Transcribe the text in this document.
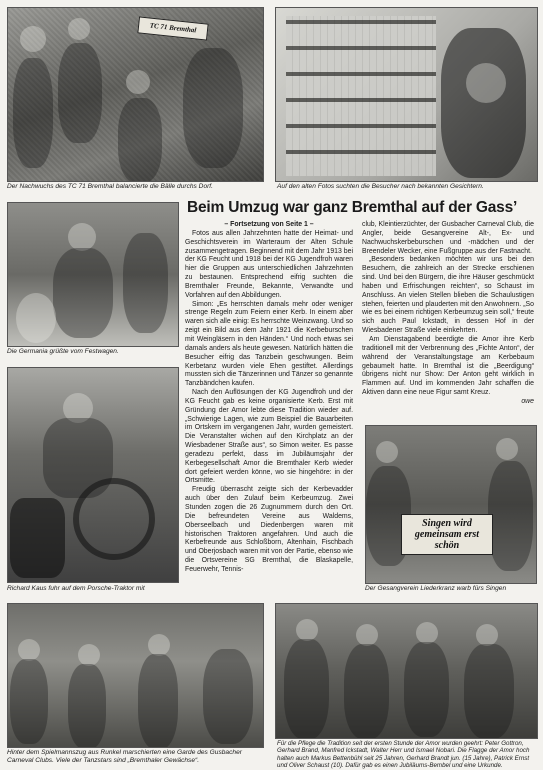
TC 71 Bremthal
Der Nachwuchs des TC 71 Bremthal balancierte die Bälle durchs Dorf.	Auf den alten Fotos suchten die Besucher nach bekannten Gesichtern.
Die Germania grüßte vom Festwagen.
Richard Kaus fuhr auf dem Porsche-Traktor mit
Beim Umzug war ganz Bremthal auf der Gass’

– Fortsetzung von Seite 1 –

Fotos aus allen Jahrzehnten hatte der Heimat- und Geschichtsverein im Warteraum der Alten Schule zusammengetragen. Beginnend mit dem Jahr 1913 bei der KG Feucht und 1918 bei der KG Jugendfroh waren hier die Gruppen aus unterschiedlichen Jahrzehnten zu bestaunen. Entsprechend eifrig suchten die Bremthaler Freunde, Bekannte, Verwandte und Vorfahren auf den Abbildungen.

Simon: „Es herrschten damals mehr oder weniger strenge Regeln zum Feiern einer Kerb. In einem aber waren sich alle einig: Es herrschte Weinzwang. Und so zeigt ein Bild aus dem Jahr 1921 die Kerbeburschen mit Weingläsern in den Händen.“ Und noch etwas sei damals anders als heute gewesen. Natürlich hätten die Besucher eifrig das Tanzbein geschwungen. Beim Kerbetanz wurden viele Ehen gestiftet. Allerdings mussten sich die Tänzerinnen und Tänzer so genannte Tanzbändchen kaufen.

Nach den Auflösungen der KG Jugendfroh und der KG Feucht gab es keine organisierte Kerb. Erst mit Gründung der Amor lebte diese Tradition wieder auf. „Schwierige Lagen, wie zum Beispiel die Bauarbeiten im Ortskern im vergangenen Jahr, wurden gemeistert. Die Veranstalter wichen auf den Kirchplatz an der Wiesbadener Straße aus“, so Simon weiter. Es passe geradezu perfekt, dass im Jubiläumsjahr der Kerbegesellschaft Amor die Bremthaler Kerb wieder dort gefeiert werden könne, wo sie hingehöre: in der Ortsmitte.

Freudig überrascht zeigte sich der Kerbevadder auch über den Zulauf beim Kerbeumzug. Zwei Stunden zogen die 26 Zugnummern durch den Ort. Die befreundeten Vereine aus Waldems, Oberseelbach und Diedenbergen waren mit historischen Traktoren angefahren. Und auch die Kerbefreunde aus Schloßborn, Altenhain, Fischbach und Oberjosbach waren mit von der Partie, ebenso wie die Ortsvereine SG Bremthal, die Blaskapelle, Feuerwehr, Tennis-

club, Kleintierzüchter, der Gusbacher Carneval Club, die Angler, beide Gesangvereine Alt-, Ex- und Nachwuchskerbeburschen und -mädchen und der Breendeler Wecker, eine Fußgruppe aus der Fastnacht.

„Besonders bedanken möchten wir uns bei den Besuchern, die zahlreich an der Strecke erschienen sind. Und bei den Bürgern, die ihre Häuser geschmückt haben und Erfrischungen reichten“, so Schaust im Anschluss. An vielen Stellen blieben die Schaulustigen stehen, feierten und plauderten mit den Anwohnern. „So wie es bei einem richtigen Kerbeumzug sein soll,“ freute sich auch Paul Ickstadt, in dessen Hof in der Wiesbadener Straße viele einkehrten.

Am Dienstagabend beerdigte die Amor ihre Kerb traditionell mit der Verbrennung des „Fichte Anton“, der während der Veranstaltungstage am Kerbebaum gebaumelt hatte. In Bremthal ist die „Beerdigung“ übrigens nicht nur Show: Der Anton geht wirklich in Flammen auf. Und im kommenden Jahr schaffen die Aktiven dann eine neue Figur samt Kreuz.

owe
Singen wird gemeinsam erst schön
Der Gesangverein Liederkranz warb fürs Singen
Hinter dem Spielmannszug aus Runkel marschierten eine Garde des Gusbacher Carneval Clubs. Viele der Tanzstars sind „Bremthaler Gewächse“.
Für die Pflege die Tradition seit der ersten Stunde der Amor wurden geehrt: Peter Gottron, Gerhard Brand, Manfred Ickstadt, Walter Herr und Ismael Nobari. Die Flagge der Amor hoch halten auch Markus Bettenbühl seit 25 Jahren, Gerhard Brandt jun. (15 Jahre), Patrick Ernst und Oliver Schaust (10). Dafür gab es einen Jubiläums-Bembel und eine Urkunde.
